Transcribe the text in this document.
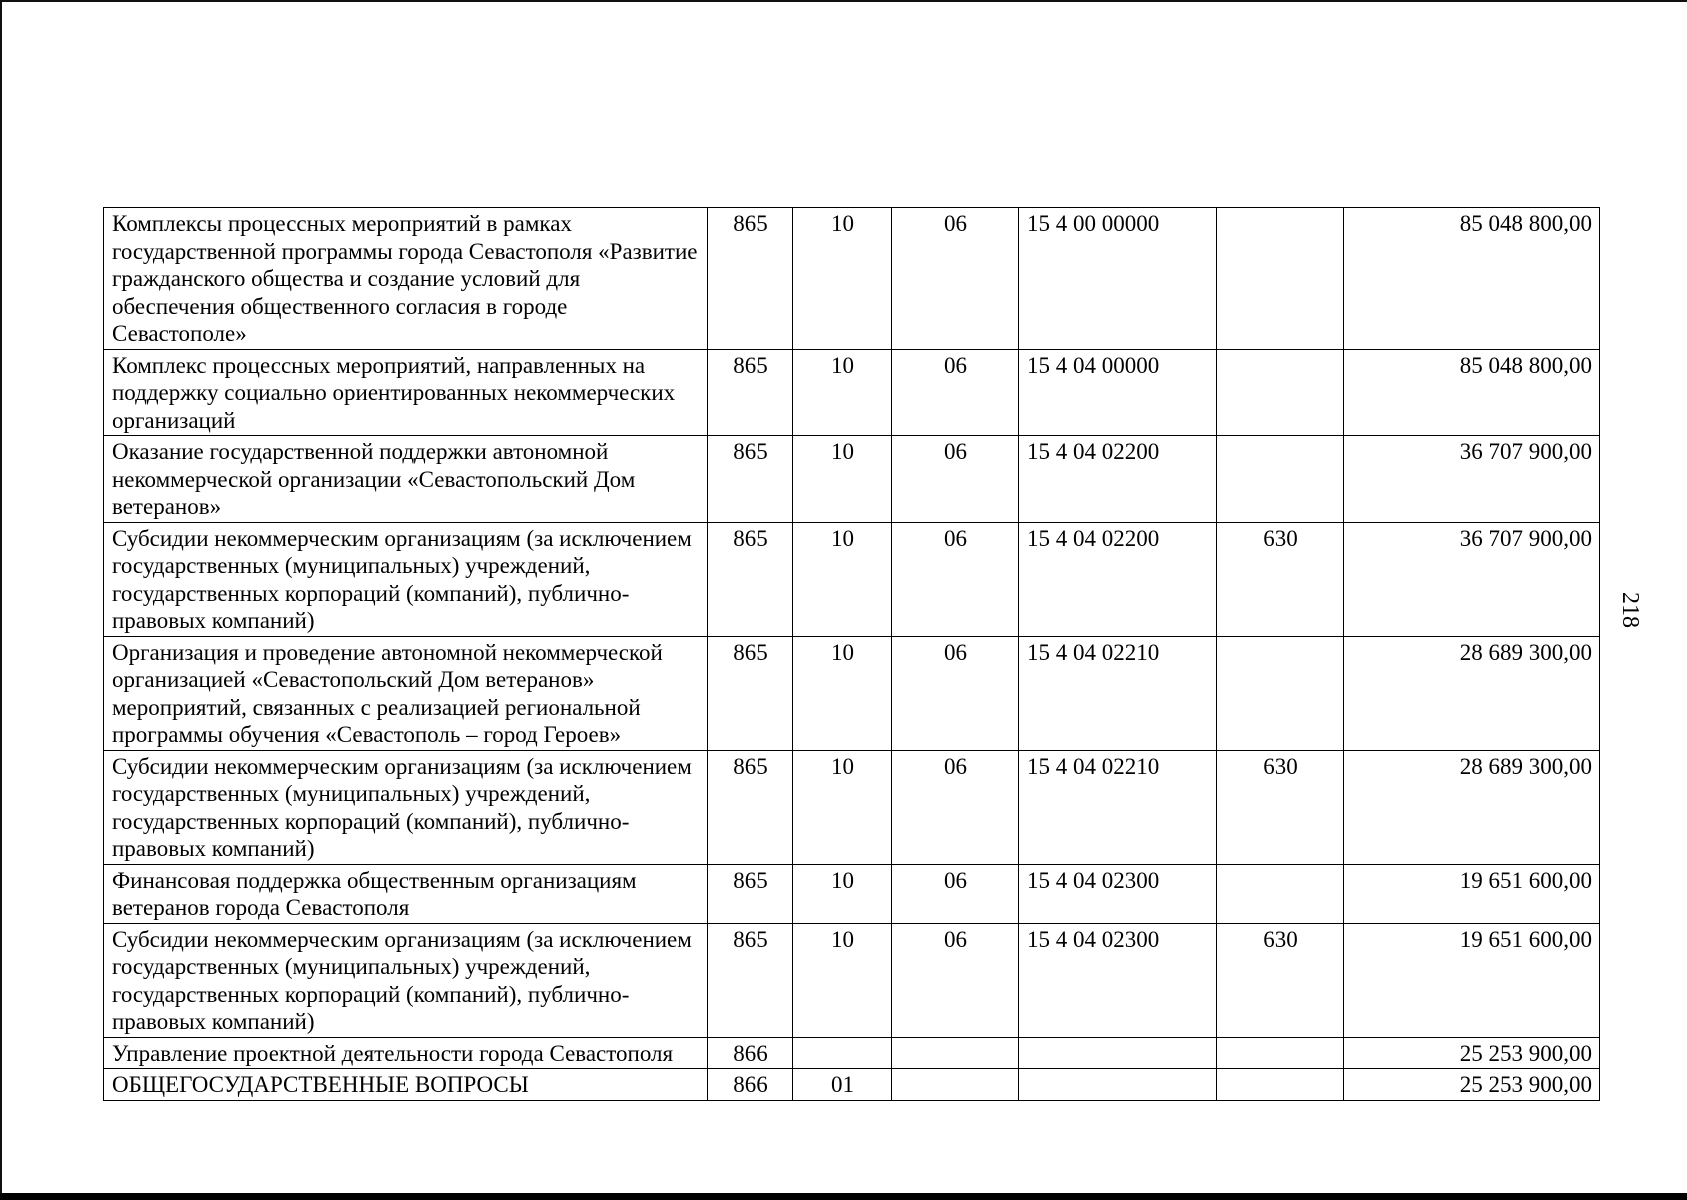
Комплексы процессных мероприятий в рамках государственной программы города Севастополя «Развитие гражданского общества и создание условий для обеспечения общественного согласия в городе Севастополе»	865	10	06	15 4 00 00000		85 048 800,00
Комплекс процессных мероприятий, направленных на поддержку социально ориентированных некоммерческих организаций	865	10	06	15 4 04 00000		85 048 800,00
Оказание государственной поддержки автономной некоммерческой организации «Севастопольский Дом ветеранов»	865	10	06	15 4 04 02200		36 707 900,00
Субсидии некоммерческим организациям (за исключением государственных (муниципальных) учреждений, государственных корпораций (компаний), публично-правовых компаний)	865	10	06	15 4 04 02200	630	36 707 900,00
Организация и проведение автономной некоммерческой организацией «Севастопольский Дом ветеранов» мероприятий, связанных с реализацией региональной программы обучения «Севастополь – город Героев»	865	10	06	15 4 04 02210		28 689 300,00
Субсидии некоммерческим организациям (за исключением государственных (муниципальных) учреждений, государственных корпораций (компаний), публично-правовых компаний)	865	10	06	15 4 04 02210	630	28 689 300,00
Финансовая поддержка общественным организациям ветеранов города Севастополя	865	10	06	15 4 04 02300		19 651 600,00
Субсидии некоммерческим организациям (за исключением государственных (муниципальных) учреждений, государственных корпораций (компаний), публично-правовых компаний)	865	10	06	15 4 04 02300	630	19 651 600,00
Управление проектной деятельности города Севастополя	866					25 253 900,00
ОБЩЕГОСУДАРСТВЕННЫЕ ВОПРОСЫ	866	01				25 253 900,00
218
